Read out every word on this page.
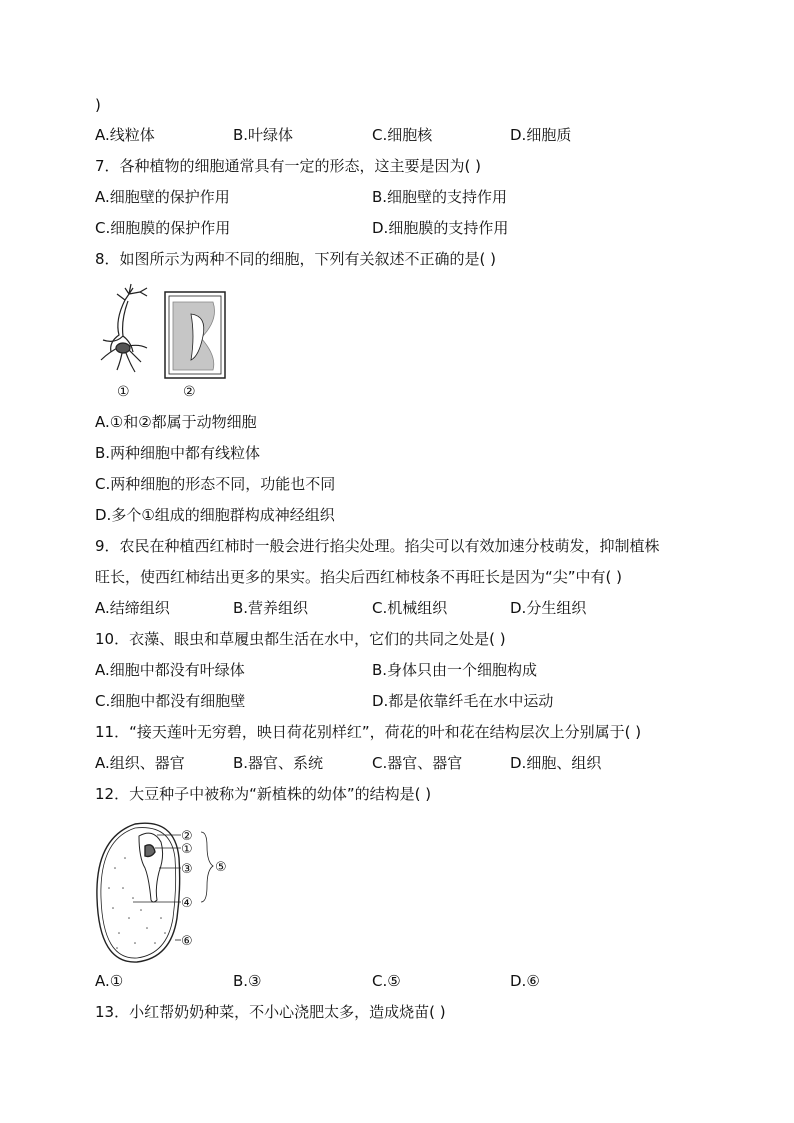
)
A.线粒体	B.叶绿体	C.细胞核	D.细胞质
7．各种植物的细胞通常具有一定的形态，这主要是因为( )
A.细胞壁的保护作用	B.细胞壁的支持作用
C.细胞膜的保护作用	D.细胞膜的支持作用
8．如图所示为两种不同的细胞，下列有关叙述不正确的是( )
①	②
A.①和②都属于动物细胞
B.两种细胞中都有线粒体
C.两种细胞的形态不同，功能也不同
D.多个①组成的细胞群构成神经组织
9．农民在种植西红柿时一般会进行掐尖处理。掐尖可以有效加速分枝萌发，抑制植株
旺长，使西红柿结出更多的果实。掐尖后西红柿枝条不再旺长是因为“尖”中有( )
A.结缔组织	B.营养组织	C.机械组织	D.分生组织
10．衣藻、眼虫和草履虫都生活在水中，它们的共同之处是( )
A.细胞中都没有叶绿体	B.身体只由一个细胞构成
C.细胞中都没有细胞壁	D.都是依靠纤毛在水中运动
11．“接天莲叶无穷碧，映日荷花别样红”，荷花的叶和花在结构层次上分别属于( )
A.组织、器官	B.器官、系统	C.器官、器官	D.细胞、组织
12．大豆种子中被称为“新植株的幼体”的结构是( )
②
①
③
④
⑤
⑥
A.①	B.③	C.⑤	D.⑥
13．小红帮奶奶种菜，不小心浇肥太多，造成烧苗( )
